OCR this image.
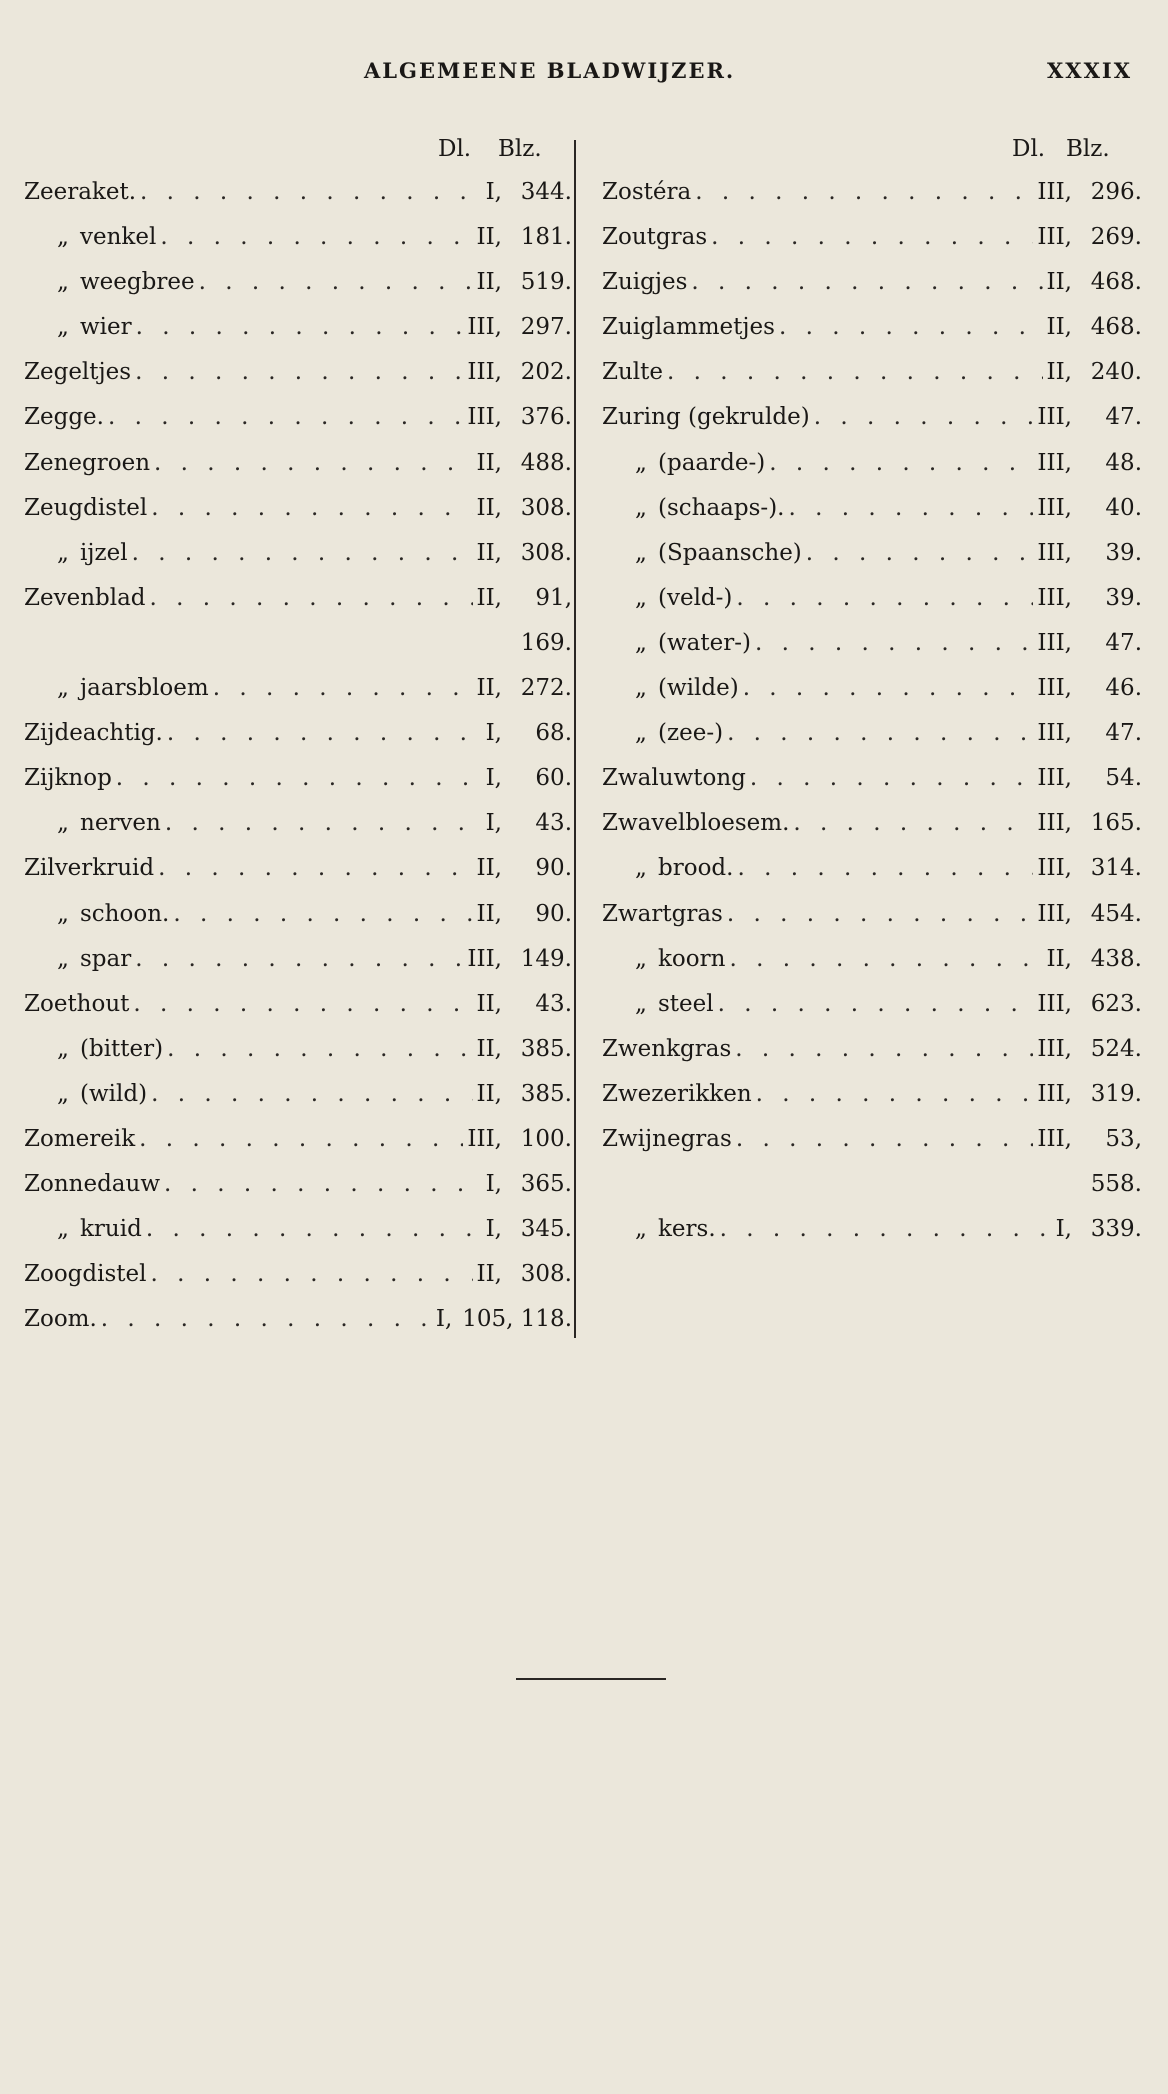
ALGEMEENE BLADWIJZER.	XXXIX
Dl. Blz.
Zeeraket. . . .	I, 344.
„ venkel . . .	II, 181.
„ weegbree . . .	II, 519.
„ wier . . .	III, 297.
Zegeltjes . . .	III, 202.
Zegge. . . .	III, 376.
Zenegroen . . .	II, 488.
Zeugdistel . . .	II, 308.
„ ijzel . . .	II, 308.
Zevenblad . . .	II,	91,
169.
„ jaarsbloem . . .	II, 272.
Zijdeachtig. . . .	I,	68.
Zijknop . . .	I,	60.
„ nerven . . .	I,	43.
Zilverkruid . . .	II,	90.
„ schoon. . . .	II,	90.
„ spar . . .	III, 149.
Zoethout . . .	II,	43.
„ (bitter) . . .	II, 385.
„ (wild) . . .	II, 385.
Zomereik . . .	III, 100.
Zonnedauw . . .	I, 365.
„ kruid . . .	I, 345.
Zoogdistel . . .	II, 308.
Zoom. . . .	I, 105, 118.
Dl. Blz.
Zostéra . . .	III, 296.
Zoutgras . . .	III, 269.
Zuigjes . . .	II, 468.
Zuiglammetjes . . .	II, 468.
Zulte . . .	II, 240.
Zuring (gekrulde) . . .	III,	47.
„ (paarde-) . . .	III,	48.
„ (schaaps-). . . .	III,	40.
„ (Spaansche) . . .	III,	39.
„ (veld-) . . .	III,	39.
„ (water-) . . .	III,	47.
„ (wilde) . . .	III,	46.
„ (zee-) . . .	III,	47.
Zwaluwtong . . .	III,	54.
Zwavelbloesem. . . .	III, 165.
„ brood. . . .	III, 314.
Zwartgras . . .	III, 454.
„ koorn . . .	II, 438.
„ steel . . .	III, 623.
Zwenkgras . . .	III, 524.
Zwezerikken . . .	III, 319.
Zwijnegras . . .	III,	53,
558.
„ kers. . . .	I, 339.
